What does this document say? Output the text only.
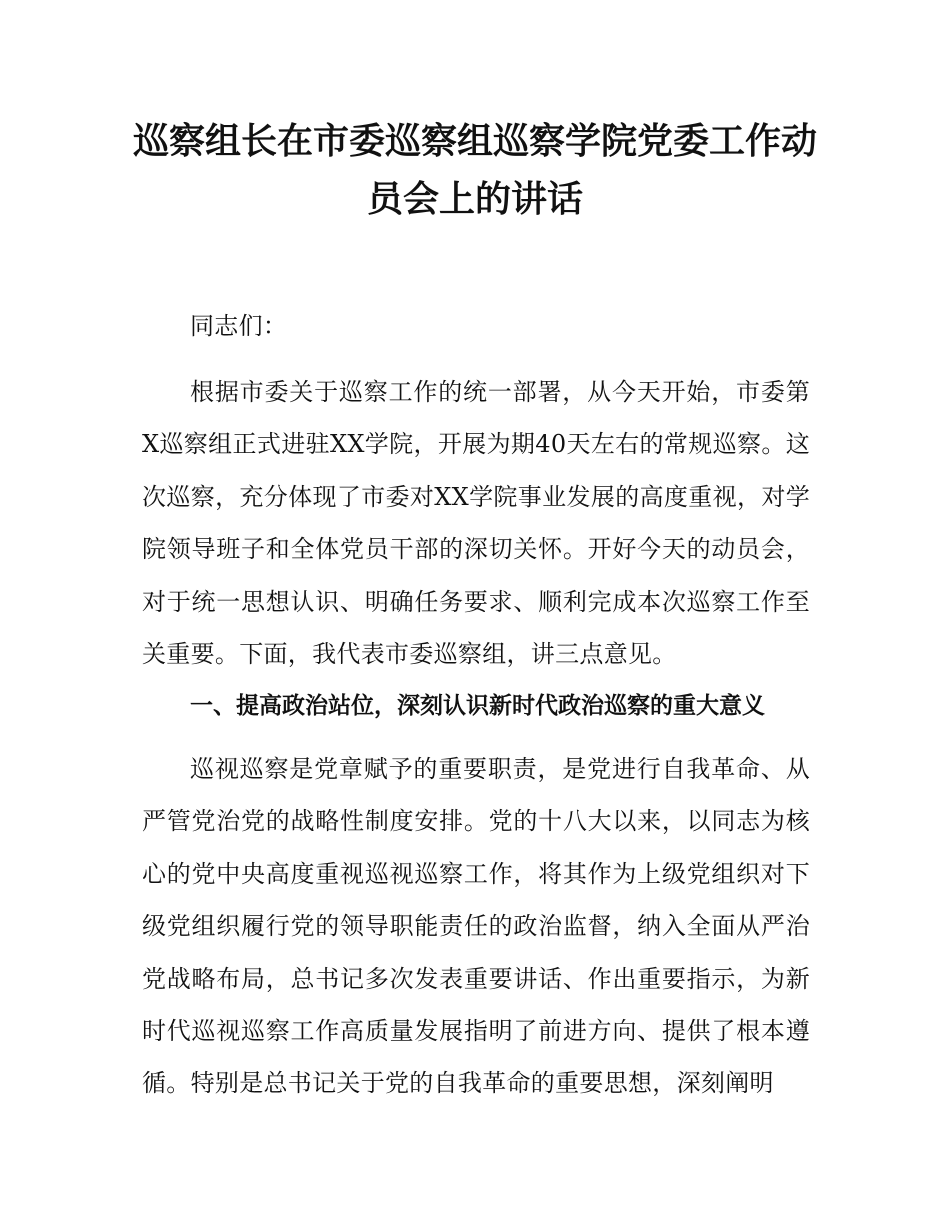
巡察组长在市委巡察组巡察学院党委工作动员会上的讲话

同志们：

根据市委关于巡察工作的统一部署，从今天开始，市委第X巡察组正式进驻XX学院，开展为期40天左右的常规巡察。这次巡察，充分体现了市委对XX学院事业发展的高度重视，对学院领导班子和全体党员干部的深切关怀。开好今天的动员会，对于统一思想认识、明确任务要求、顺利完成本次巡察工作至关重要。下面，我代表市委巡察组，讲三点意见。

一、提高政治站位，深刻认识新时代政治巡察的重大意义

巡视巡察是党章赋予的重要职责，是党进行自我革命、从严管党治党的战略性制度安排。党的十八大以来，以同志为核心的党中央高度重视巡视巡察工作，将其作为上级党组织对下级党组织履行党的领导职能责任的政治监督，纳入全面从严治党战略布局，总书记多次发表重要讲话、作出重要指示，为新时代巡视巡察工作高质量发展指明了前进方向、提供了根本遵循。特别是总书记关于党的自我革命的重要思想，深刻阐明
